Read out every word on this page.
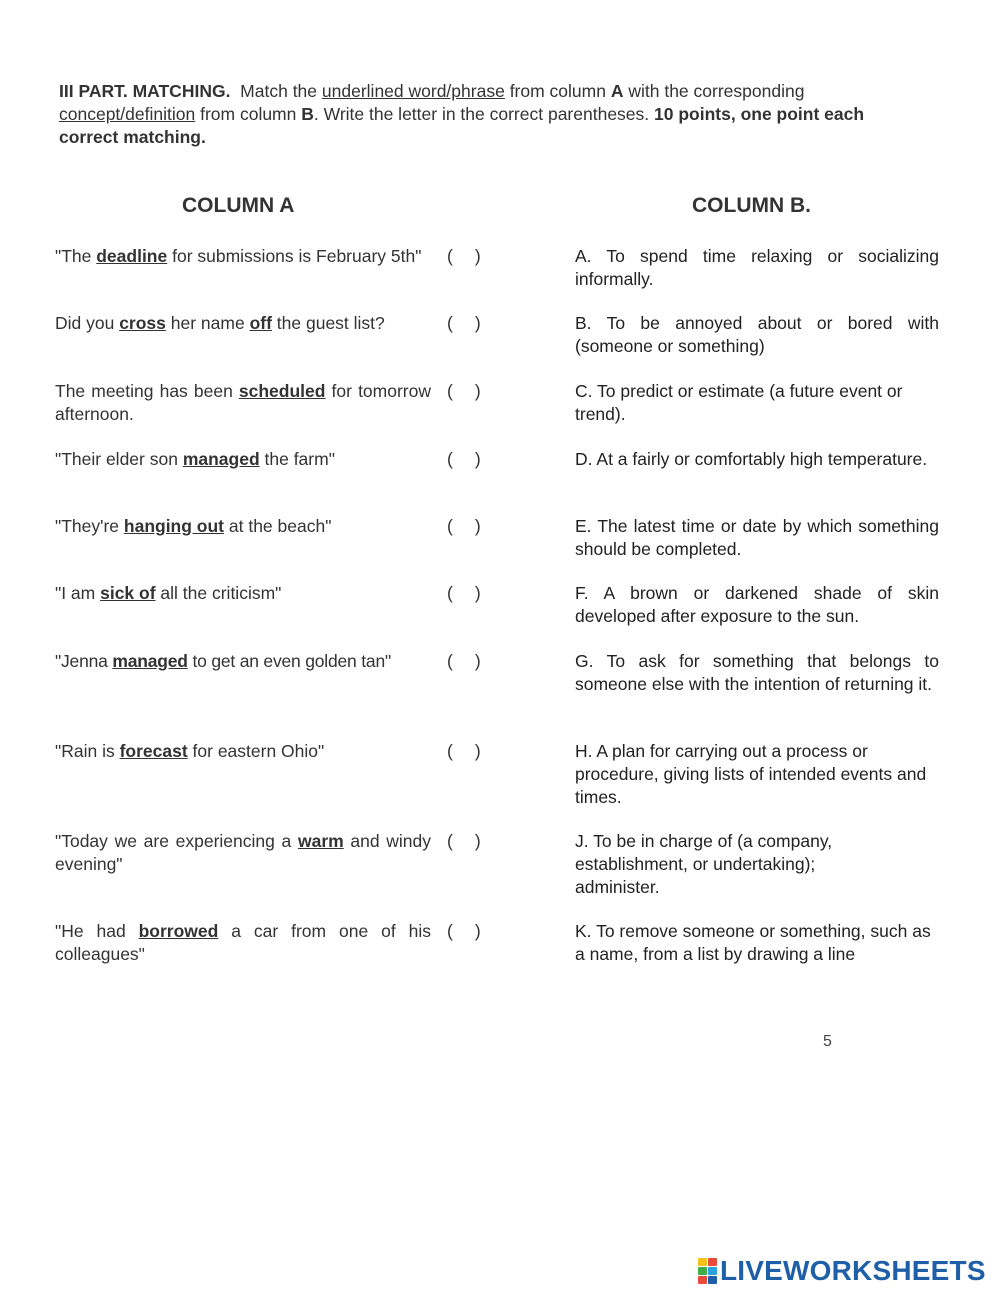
III PART. MATCHING. Match the underlined word/phrase from column A with the corresponding concept/definition from column B. Write the letter in the correct parentheses. 10 points, one point each correct matching.
COLUMN A	COLUMN B.
"The deadline for submissions is February 5th"
Did you cross her name off the guest list?
The meeting has been scheduled for tomorrow afternoon.
"Their elder son managed the farm"
"They're hanging out at the beach"
"I am sick of all the criticism"
"Jenna managed to get an even golden tan"
"Rain is forecast for eastern Ohio"
"Today we are experiencing a warm and windy evening"
"He had borrowed a car from one of his colleagues"
( )
( )
( )
( )
( )
( )
( )
( )
( )
( )
A. To spend time relaxing or socializing informally.
B. To be annoyed about or bored with (someone or something)
C. To predict or estimate (a future event or trend).
D. At a fairly or comfortably high temperature.
E. The latest time or date by which something should be completed.
F. A brown or darkened shade of skin developed after exposure to the sun.
G. To ask for something that belongs to someone else with the intention of returning it.
H. A plan for carrying out a process or procedure, giving lists of intended events and times.
J. To be in charge of (a company, establishment, or undertaking); administer.
K. To remove someone or something, such as a name, from a list by drawing a line
5
LIVEWORKSHEETS
